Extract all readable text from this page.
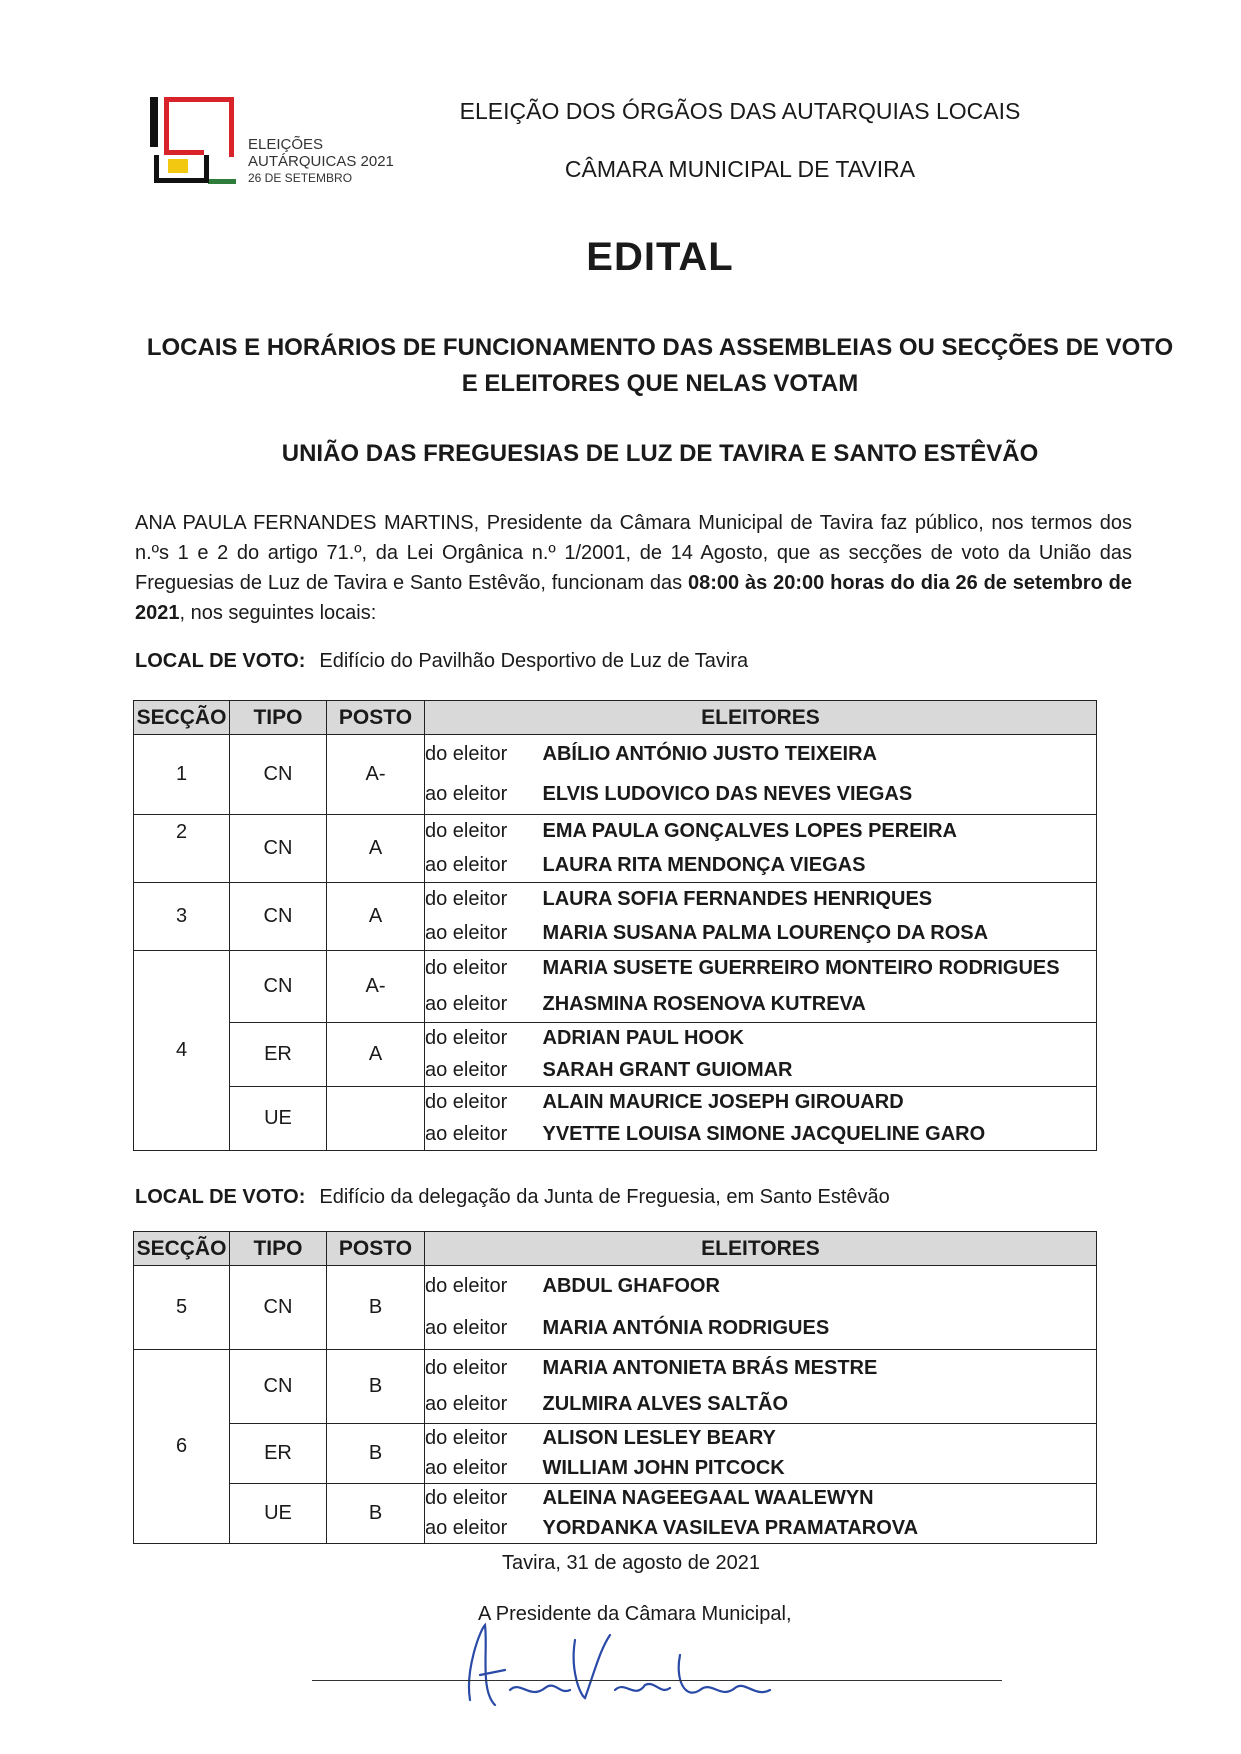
ELEIÇÕES
AUTÁRQUICAS 2021
26 DE SETEMBRO
ELEIÇÃO DOS ÓRGÃOS DAS AUTARQUIAS LOCAIS
CÂMARA MUNICIPAL DE TAVIRA
EDITAL
LOCAIS E HORÁRIOS DE FUNCIONAMENTO DAS ASSEMBLEIAS OU SECÇÕES DE VOTO E ELEITORES QUE NELAS VOTAM
UNIÃO DAS FREGUESIAS DE LUZ DE TAVIRA E SANTO ESTÊVÃO
ANA PAULA FERNANDES MARTINS, Presidente da Câmara Municipal de Tavira faz público, nos termos dos n.ºs 1 e 2 do artigo 71.º, da Lei Orgânica n.º 1/2001, de 14 Agosto, que as secções de voto da União das Freguesias de Luz de Tavira e Santo Estêvão, funcionam das 08:00 às 20:00 horas do dia 26 de setembro de 2021, nos seguintes locais:
LOCAL DE VOTO: Edifício do Pavilhão Desportivo de Luz de Tavira
SECÇÃO	TIPO	POSTO	ELEITORES	
1	CN	A-	do eleitor	ABÍLIO ANTÓNIO JUSTO TEIXEIRA
			ao eleitor	ELVIS LUDOVICO DAS NEVES VIEGAS
2	CN	A	do eleitor	EMA PAULA GONÇALVES LOPES PEREIRA
			ao eleitor	LAURA RITA MENDONÇA VIEGAS
3	CN	A	do eleitor	LAURA SOFIA FERNANDES HENRIQUES
			ao eleitor	MARIA SUSANA PALMA LOURENÇO DA ROSA
4	CN	A-	do eleitor	MARIA SUSETE GUERREIRO MONTEIRO RODRIGUES
			ao eleitor	ZHASMINA ROSENOVA KUTREVA
	ER	A	do eleitor	ADRIAN PAUL HOOK
			ao eleitor	SARAH GRANT GUIOMAR
	UE		do eleitor	ALAIN MAURICE JOSEPH GIROUARD
			ao eleitor	YVETTE LOUISA SIMONE JACQUELINE GARO
LOCAL DE VOTO: Edifício da delegação da Junta de Freguesia, em Santo Estêvão
SECÇÃO	TIPO	POSTO	ELEITORES	
5	CN	B	do eleitor	ABDUL GHAFOOR
			ao eleitor	MARIA ANTÓNIA RODRIGUES
6	CN	B	do eleitor	MARIA ANTONIETA BRÁS MESTRE
			ao eleitor	ZULMIRA ALVES SALTÃO
	ER	B	do eleitor	ALISON LESLEY BEARY
			ao eleitor	WILLIAM JOHN PITCOCK
	UE	B	do eleitor	ALEINA NAGEEGAAL WAALEWYN
			ao eleitor	YORDANKA VASILEVA PRAMATAROVA
Tavira, 31 de agosto de 2021
A Presidente da Câmara Municipal,
